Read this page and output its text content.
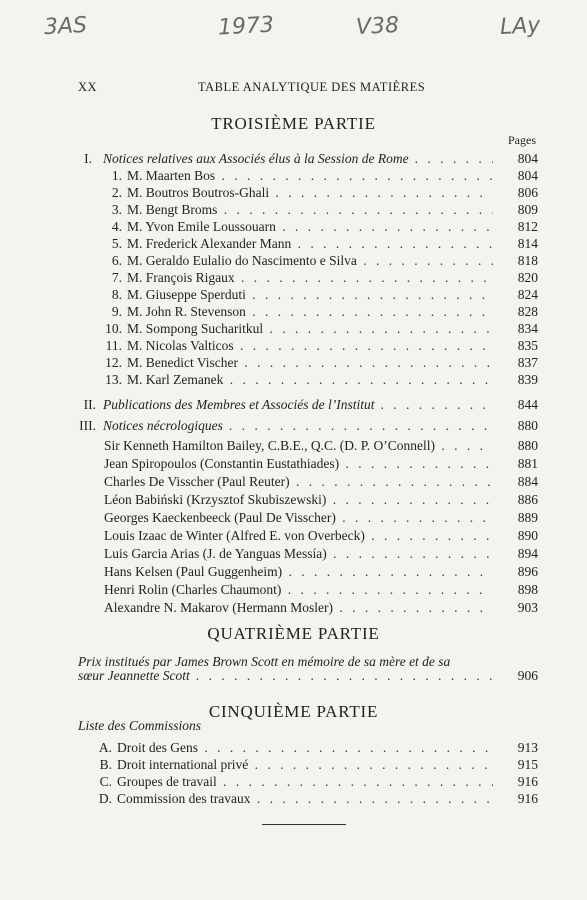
3AS	1973	V38	LAy
XX	TABLE ANALYTIQUE DES MATIÈRES
TROISIÈME PARTIE
Pages
I. Notices relatives aux Associés élus à la Session de Rome . . .	804
1. M. Maarten Bos . . .	804
2. M. Boutros Boutros-Ghali . . .	806
3. M. Bengt Broms . . .	809
4. M. Yvon Emile Loussouarn . . .	812
5. M. Frederick Alexander Mann . . .	814
6. M. Geraldo Eulalio do Nascimento e Silva . . .	818
7. M. François Rigaux . . .	820
8. M. Giuseppe Sperduti . . .	824
9. M. John R. Stevenson . . .	828
10. M. Sompong Sucharitkul . . .	834
11. M. Nicolas Valticos . . .	835
12. M. Benedict Vischer . . .	837
13. M. Karl Zemanek . . .	839
II. Publications des Membres et Associés de l’Institut . . .	844
III. Notices nécrologiques . . .	880
Sir Kenneth Hamilton Bailey, C.B.E., Q.C. (D. P. O’Connell) . . .	880
Jean Spiropoulos (Constantin Eustathiades) . . .	881
Charles De Visscher (Paul Reuter) . . .	884
Léon Babiński (Krzysztof Skubiszewski) . . .	886
Georges Kaeckenbeeck (Paul De Visscher) . . .	889
Louis Izaac de Winter (Alfred E. von Overbeck) . . .	890
Luis Garcia Arias (J. de Yanguas Messía) . . .	894
Hans Kelsen (Paul Guggenheim) . . .	896
Henri Rolin (Charles Chaumont) . . .	898
Alexandre N. Makarov (Hermann Mosler) . . .	903
A. Droit des Gens . . .	913
B. Droit international privé . . .	915
C. Groupes de travail . . .	916
D. Commission des travaux . . .	916
QUATRIÈME PARTIE
Prix institués par James Brown Scott en mémoire de sa mère et de sa
sœur Jeannette Scott . . .	906
CINQUIÈME PARTIE
Liste des Commissions
